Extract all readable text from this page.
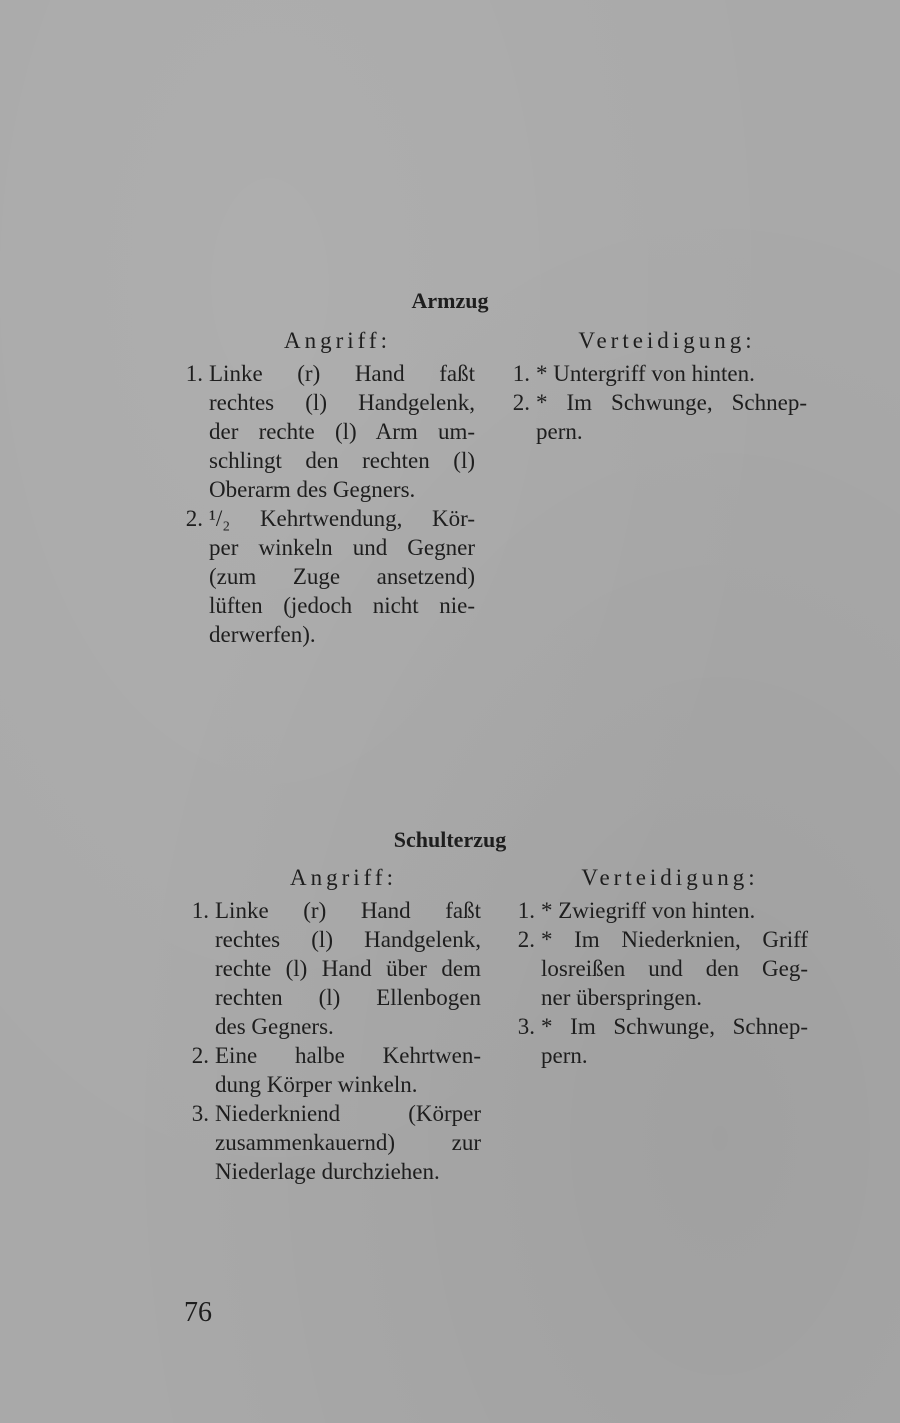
Armzug
Angriff:
1. Linke (r) Hand faßt
rechtes (l) Handgelenk,
der rechte (l) Arm um-
schlingt den rechten (l)
Oberarm des Gegners.
2. ¹/₂ Kehrtwendung, Kör-
per winkeln und Gegner
(zum Zuge ansetzend)
lüften (jedoch nicht nie-
derwerfen).
Verteidigung:
1. * Untergriff von hinten.
2. * Im Schwunge, Schnep-
pern.
Schulterzug
Angriff:
1. Linke (r) Hand faßt
rechtes (l) Handgelenk,
rechte (l) Hand über dem
rechten (l) Ellenbogen
des Gegners.
2. Eine halbe Kehrtwen-
dung Körper winkeln.
3. Niederkniend (Körper
zusammenkauernd) zur
Niederlage durchziehen.
Verteidigung:
1. * Zwiegriff von hinten.
2. * Im Niederknien, Griff
losreißen und den Geg-
ner überspringen.
3. * Im Schwunge, Schnep-
pern.
76
